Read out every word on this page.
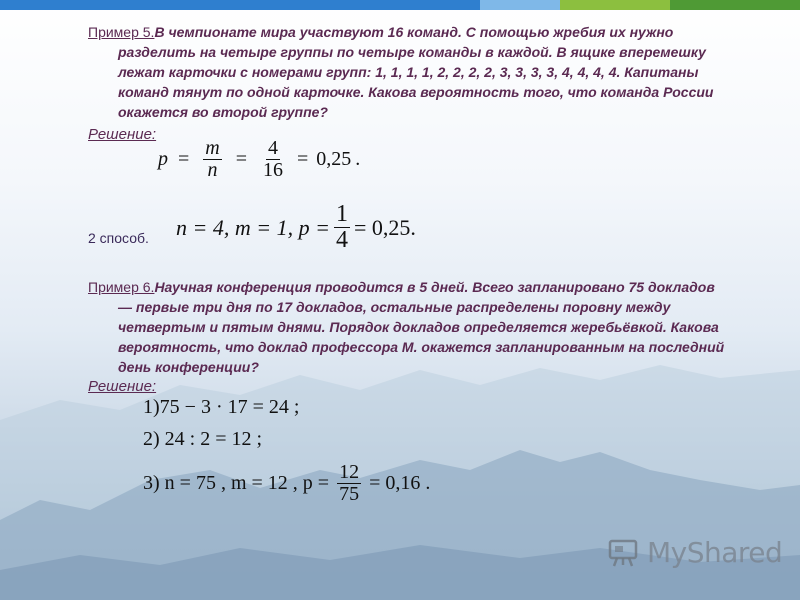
Пример 5.В чемпионате мира участвуют 16 команд. С помощью жребия их нужно
разделить на четыре группы по четыре команды в каждой. В ящике вперемешку
лежат карточки с номерами групп: 1, 1, 1, 1, 2, 2, 2, 2, 3, 3, 3, 3, 4, 4, 4, 4. Капитаны
команд тянут по одной карточке. Какова вероятность того, что команда России
окажется во второй группе?
Решение:
$p = \frac{m}{n} = \frac{4}{16} = 0,25$ .
2 способ. n = 4, m = 1, $p = \frac{1}{4} = 0,25$.
Пример 6.Научная конференция проводится в 5 дней. Всего запланировано 75 докладов
— первые три дня по 17 докладов, остальные распределены поровну между
четвертым и пятым днями. Порядок докладов определяется жеребьёвкой. Какова
вероятность, что доклад профессора М. окажется запланированным на последний
день конференции?
Решение:
1)75 − 3 · 17 = 24 ;
2) 24 : 2 = 12 ;
3) n = 75 , m = 12 , $p = \frac{12}{75} = 0,16$ .
MyShared
